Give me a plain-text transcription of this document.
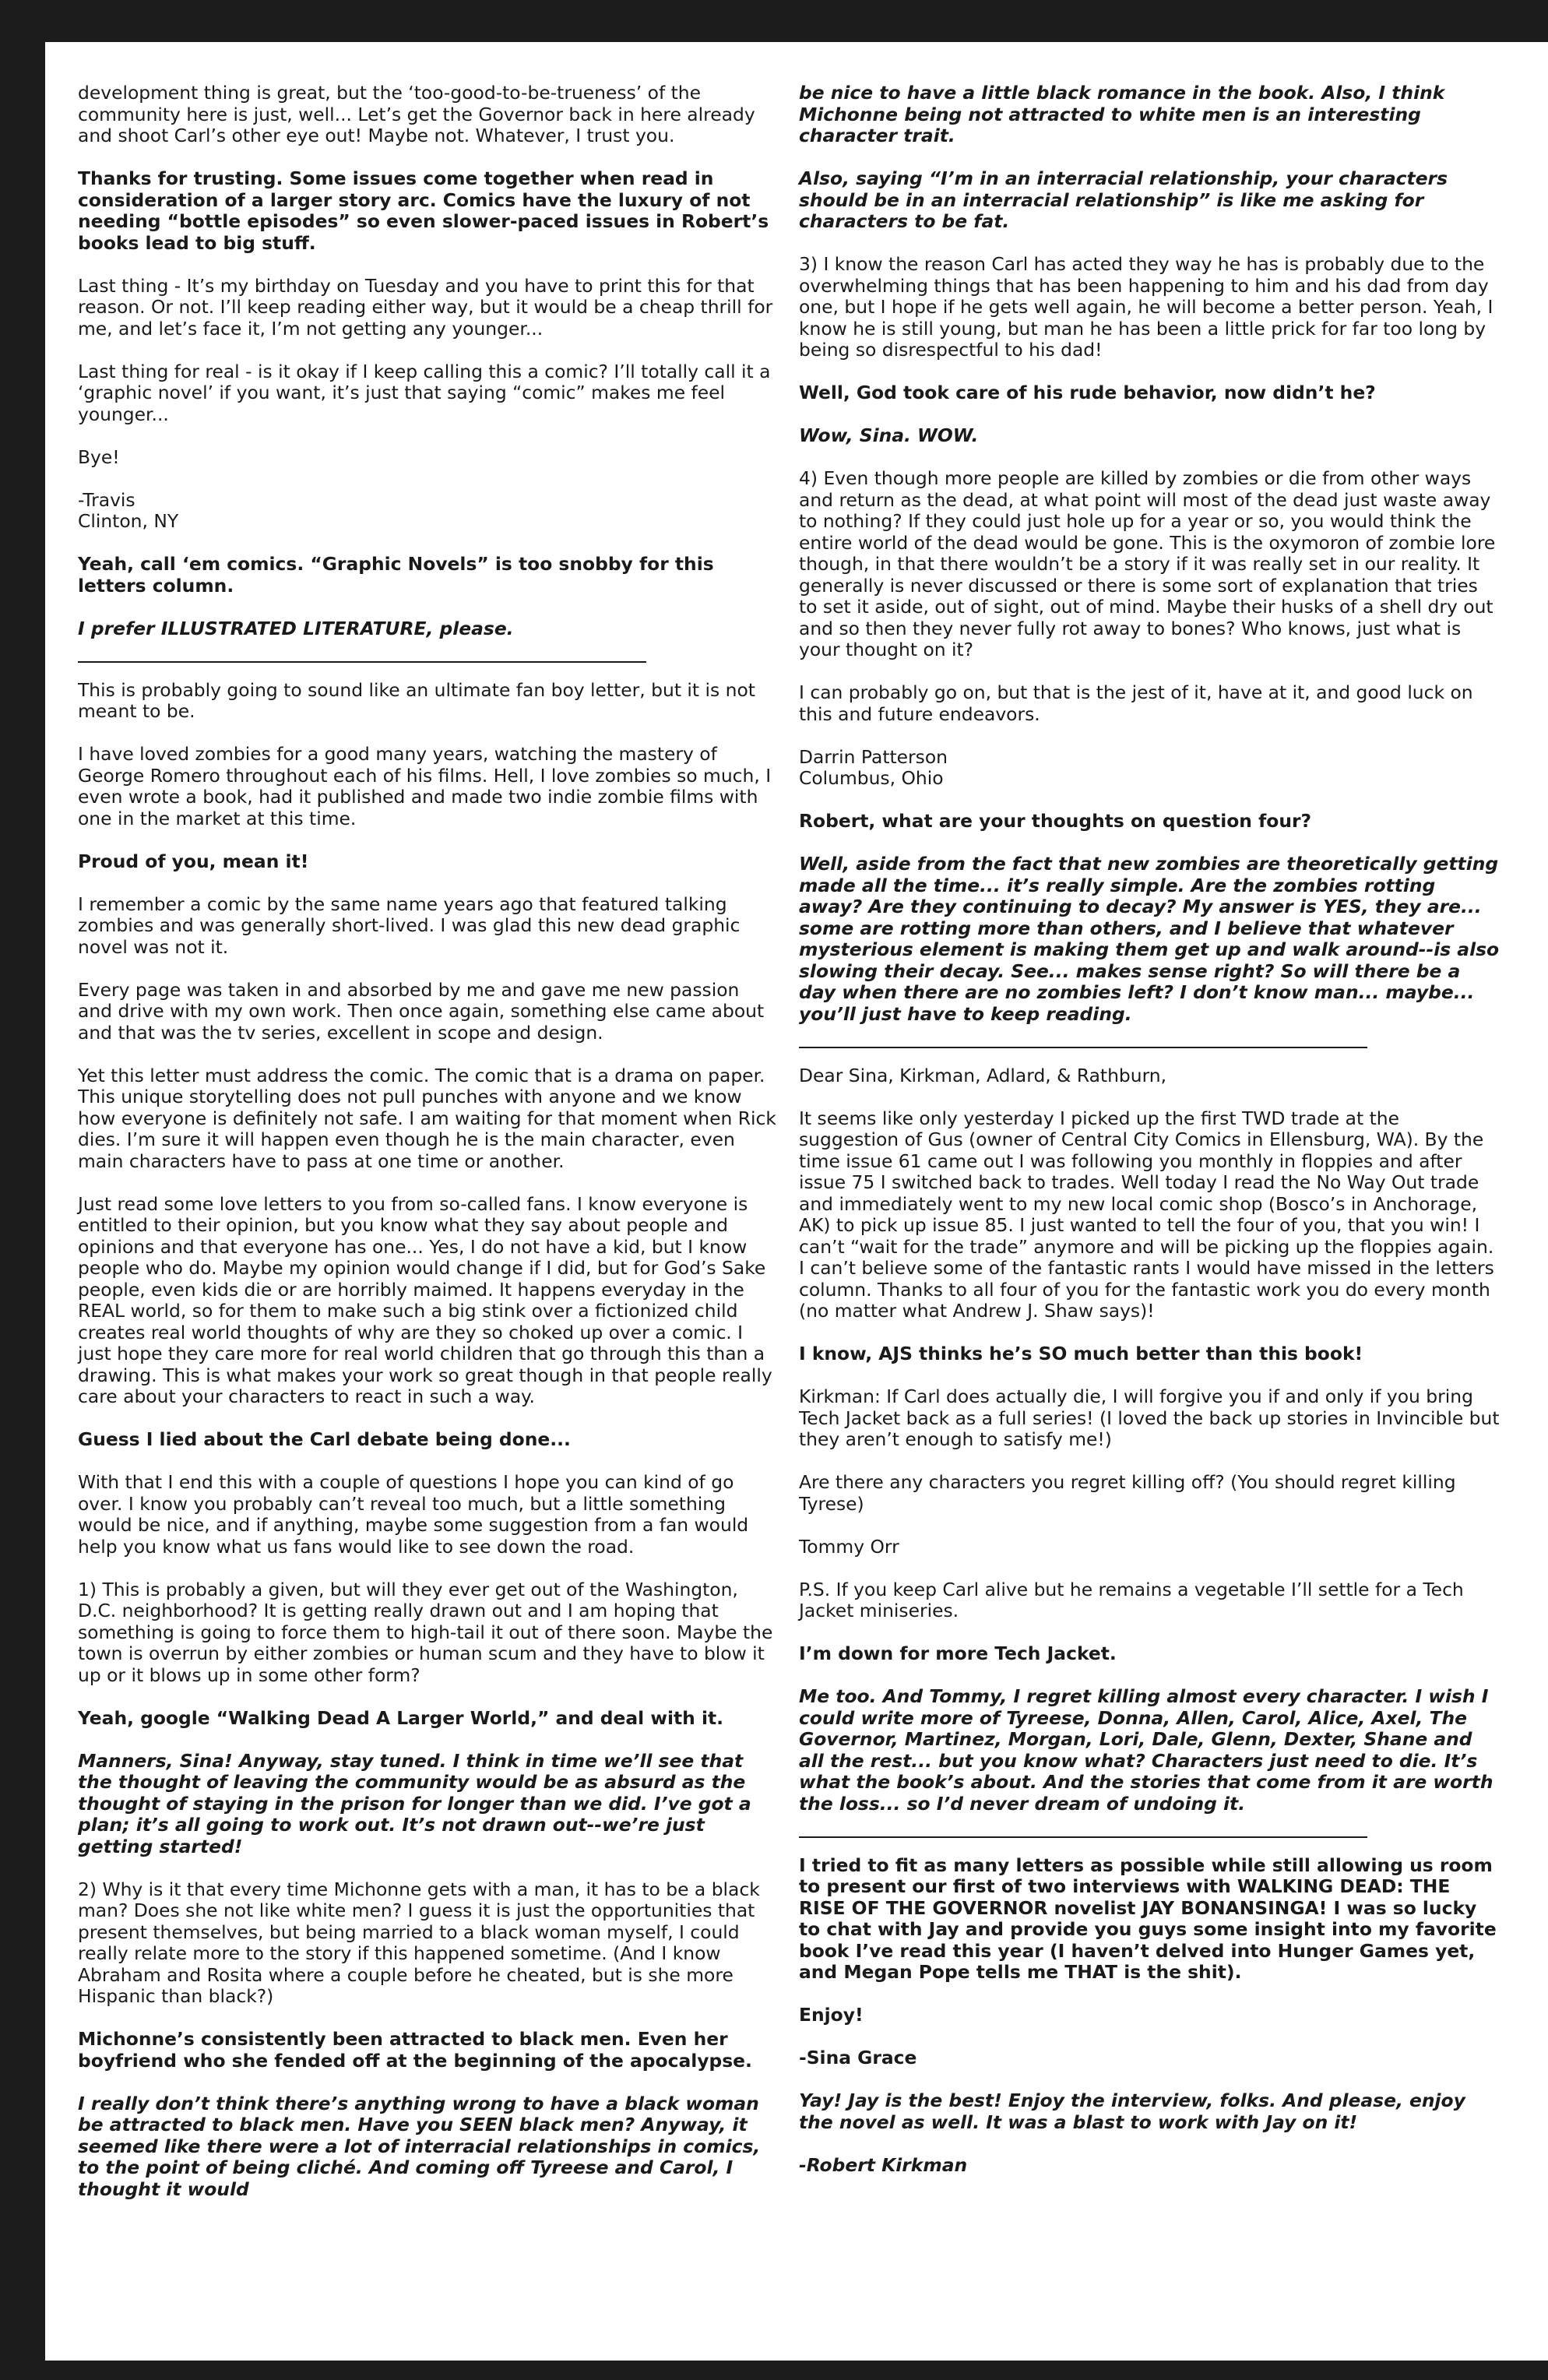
development thing is great, but the ‘too-good-to-be-trueness’ of the community here is just, well... Let’s get the Governor back in here already and shoot Carl’s other eye out! Maybe not. Whatever, I trust you.

Thanks for trusting. Some issues come together when read in consideration of a larger story arc. Comics have the luxury of not needing “bottle episodes” so even slower-paced issues in Robert’s books lead to big stuff.

Last thing - It’s my birthday on Tuesday and you have to print this for that reason. Or not. I’ll keep reading either way, but it would be a cheap thrill for me, and let’s face it, I’m not getting any younger...

Last thing for real - is it okay if I keep calling this a comic? I’ll totally call it a ‘graphic novel’ if you want, it’s just that saying “comic” makes me feel younger...

Bye!

-Travis
Clinton, NY

Yeah, call ‘em comics. “Graphic Novels” is too snobby for this letters column.

I prefer ILLUSTRATED LITERATURE, please.

This is probably going to sound like an ultimate fan boy letter, but it is not meant to be.

I have loved zombies for a good many years, watching the mastery of George Romero throughout each of his films. Hell, I love zombies so much, I even wrote a book, had it published and made two indie zombie films with one in the market at this time.

Proud of you, mean it!

I remember a comic by the same name years ago that featured talking zombies and was generally short-lived. I was glad this new dead graphic novel was not it.

Every page was taken in and absorbed by me and gave me new passion and drive with my own work. Then once again, something else came about and that was the tv series, excellent in scope and design.

Yet this letter must address the comic. The comic that is a drama on paper. This unique storytelling does not pull punches with anyone and we know how everyone is definitely not safe. I am waiting for that moment when Rick dies. I’m sure it will happen even though he is the main character, even main characters have to pass at one time or another.

Just read some love letters to you from so-called fans. I know everyone is entitled to their opinion, but you know what they say about people and opinions and that everyone has one... Yes, I do not have a kid, but I know people who do. Maybe my opinion would change if I did, but for God’s Sake people, even kids die or are horribly maimed. It happens everyday in the REAL world, so for them to make such a big stink over a fictionized child creates real world thoughts of why are they so choked up over a comic. I just hope they care more for real world children that go through this than a drawing. This is what makes your work so great though in that people really care about your characters to react in such a way.

Guess I lied about the Carl debate being done...

With that I end this with a couple of questions I hope you can kind of go over. I know you probably can’t reveal too much, but a little something would be nice, and if anything, maybe some suggestion from a fan would help you know what us fans would like to see down the road.

1) This is probably a given, but will they ever get out of the Washington, D.C. neighborhood? It is getting really drawn out and I am hoping that something is going to force them to high-tail it out of there soon. Maybe the town is overrun by either zombies or human scum and they have to blow it up or it blows up in some other form?

Yeah, google “Walking Dead A Larger World,” and deal with it.

Manners, Sina! Anyway, stay tuned. I think in time we’ll see that the thought of leaving the community would be as absurd as the thought of staying in the prison for longer than we did. I’ve got a plan; it’s all going to work out. It’s not drawn out--we’re just getting started!

2) Why is it that every time Michonne gets with a man, it has to be a black man? Does she not like white men? I guess it is just the opportunities that present themselves, but being married to a black woman myself, I could really relate more to the story if this happened sometime. (And I know Abraham and Rosita where a couple before he cheated, but is she more Hispanic than black?)

Michonne’s consistently been attracted to black men. Even her boyfriend who she fended off at the beginning of the apocalypse.

I really don’t think there’s anything wrong to have a black woman be attracted to black men. Have you SEEN black men? Anyway, it seemed like there were a lot of interracial relationships in comics, to the point of being cliché. And coming off Tyreese and Carol, I thought it would

be nice to have a little black romance in the book. Also, I think Michonne being not attracted to white men is an interesting character trait.

Also, saying “I’m in an interracial relationship, your characters should be in an interracial relationship” is like me asking for characters to be fat.

3) I know the reason Carl has acted they way he has is probably due to the overwhelming things that has been happening to him and his dad from day one, but I hope if he gets well again, he will become a better person. Yeah, I know he is still young, but man he has been a little prick for far too long by being so disrespectful to his dad!

Well, God took care of his rude behavior, now didn’t he?

Wow, Sina. WOW.

4) Even though more people are killed by zombies or die from other ways and return as the dead, at what point will most of the dead just waste away to nothing? If they could just hole up for a year or so, you would think the entire world of the dead would be gone. This is the oxymoron of zombie lore though, in that there wouldn’t be a story if it was really set in our reality. It generally is never discussed or there is some sort of explanation that tries to set it aside, out of sight, out of mind. Maybe their husks of a shell dry out and so then they never fully rot away to bones? Who knows, just what is your thought on it?

I can probably go on, but that is the jest of it, have at it, and good luck on this and future endeavors.

Darrin Patterson
Columbus, Ohio

Robert, what are your thoughts on question four?

Well, aside from the fact that new zombies are theoretically getting made all the time... it’s really simple. Are the zombies rotting away? Are they continuing to decay? My answer is YES, they are... some are rotting more than others, and I believe that whatever mysterious element is making them get up and walk around--is also slowing their decay. See... makes sense right? So will there be a day when there are no zombies left? I don’t know man... maybe... you’ll just have to keep reading.

Dear Sina, Kirkman, Adlard, & Rathburn,

It seems like only yesterday I picked up the first TWD trade at the suggestion of Gus (owner of Central City Comics in Ellensburg, WA). By the time issue 61 came out I was following you monthly in floppies and after issue 75 I switched back to trades. Well today I read the No Way Out trade and immediately went to my new local comic shop (Bosco’s in Anchorage, AK) to pick up issue 85. I just wanted to tell the four of you, that you win! I can’t “wait for the trade” anymore and will be picking up the floppies again. I can’t believe some of the fantastic rants I would have missed in the letters column. Thanks to all four of you for the fantastic work you do every month (no matter what Andrew J. Shaw says)!

I know, AJS thinks he’s SO much better than this book!

Kirkman: If Carl does actually die, I will forgive you if and only if you bring Tech Jacket back as a full series! (I loved the back up stories in Invincible but they aren’t enough to satisfy me!)

Are there any characters you regret killing off? (You should regret killing Tyrese)

Tommy Orr

P.S. If you keep Carl alive but he remains a vegetable I’ll settle for a Tech Jacket miniseries.

I’m down for more Tech Jacket.

Me too. And Tommy, I regret killing almost every character. I wish I could write more of Tyreese, Donna, Allen, Carol, Alice, Axel, The Governor, Martinez, Morgan, Lori, Dale, Glenn, Dexter, Shane and all the rest... but you know what? Characters just need to die. It’s what the book’s about. And the stories that come from it are worth the loss... so I’d never dream of undoing it.

I tried to fit as many letters as possible while still allowing us room to present our first of two interviews with WALKING DEAD: THE RISE OF THE GOVERNOR novelist JAY BONANSINGA! I was so lucky to chat with Jay and provide you guys some insight into my favorite book I’ve read this year (I haven’t delved into Hunger Games yet, and Megan Pope tells me THAT is the shit).

Enjoy!

-Sina Grace

Yay! Jay is the best! Enjoy the interview, folks. And please, enjoy the novel as well. It was a blast to work with Jay on it!

-Robert Kirkman
